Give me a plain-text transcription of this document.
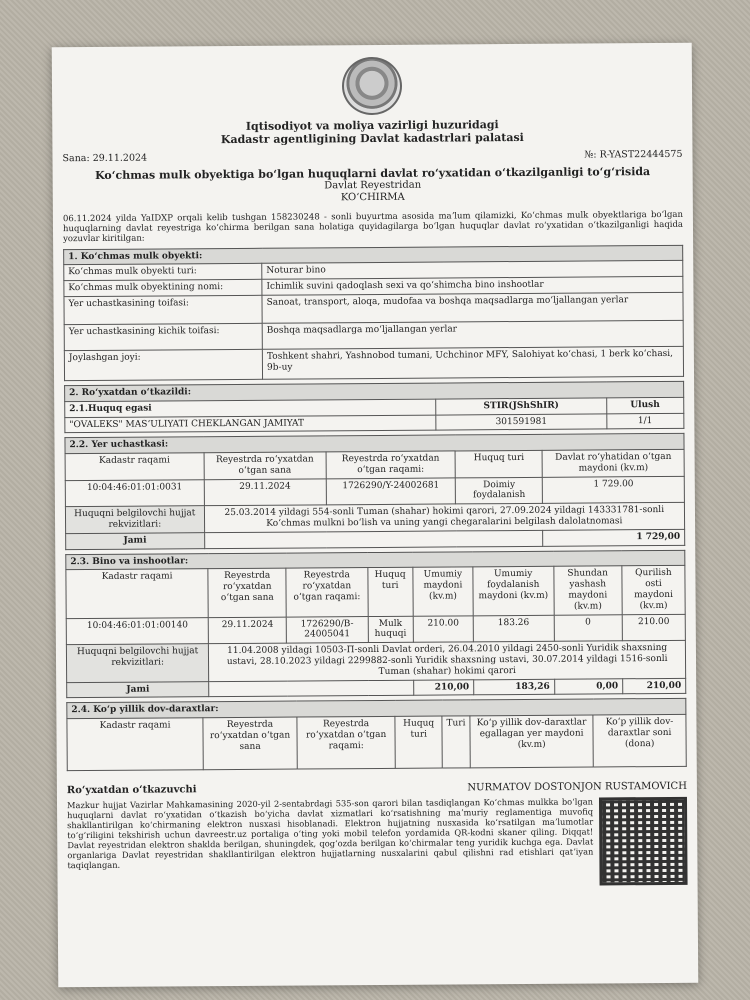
Iqtisodiyot va moliya vazirligi huzuridagi
Kadastr agentligining Davlat kadastrlari palatasi
Sana: 29.11.2024	№: R-YAST22444575
Koʻchmas mulk obyektiga boʻlgan huquqlarni davlat roʻyxatidan oʻtkazilganligi toʻgʻrisida
Davlat Reyestridan
KOʻCHIRMA
06.11.2024 yilda YaIDXP orqali kelib tushgan 158230248 - sonli buyurtma asosida maʼlum qilamizki, Koʻchmas mulk obyektlariga boʻlgan huquqlarning davlat reyestriga koʻchirma berilgan sana holatiga quyidagilarga boʻlgan huquqlar davlat roʻyxatidan oʻtkazilganligi haqida yozuvlar kiritilgan:
1. Koʻchmas mulk obyekti:	
Koʻchmas mulk obyekti turi:	Noturar bino
Koʻchmas mulk obyektining nomi:	Ichimlik suvini qadoqlash sexi va qoʻshimcha bino inshootlar
Yer uchastkasining toifasi:	Sanoat, transport, aloqa, mudofaa va boshqa maqsadlarga moʻljallangan yerlar
Yer uchastkasining kichik toifasi:	Boshqa maqsadlarga moʻljallangan yerlar
Joylashgan joyi:	Toshkent shahri, Yashnobod tumani, Uchchinor MFY, Salohiyat koʻchasi, 1 berk koʻchasi, 9b-uy
2. Roʻyxatdan oʻtkazildi:		
2.1.Huquq egasi	STIR(JShShIR)	Ulush
"OVALEKS" MASʻULIYATI CHEKLANGAN JAMIYAT	301591981	1/1
2.2. Yer uchastkasi:				
Kadastr raqami	Reyestrda roʻyxatdan oʻtgan sana	Reyestrda roʻyxatdan oʻtgan raqami:	Huquq turi	Davlat roʻyhatidan oʻtgan maydoni (kv.m)
10:04:46:01:01:0031	29.11.2024	1726290/Y-24002681	Doimiy foydalanish	1 729.00
Huquqni belgilovchi hujjat rekvizitlari:	25.03.2014 yildagi 554-sonli Tuman (shahar) hokimi qarori, 27.09.2024 yildagi 143331781-sonli Koʻchmas mulkni boʻlish va uning yangi chegaralarini belgilash dalolatnomasi			
Jami				1 729,00
2.3. Bino va inshootlar:							
Kadastr raqami	Reyestrda roʻyxatdan oʻtgan sana	Reyestrda roʻyxatdan oʻtgan raqami:	Huquq turi	Umumiy maydoni (kv.m)	Umumiy foydalanish maydoni (kv.m)	Shundan yashash maydoni (kv.m)	Qurilish osti maydoni (kv.m)
10:04:46:01:01:00140	29.11.2024	1726290/B-24005041	Mulk huquqi	210.00	183.26	0	210.00
Huquqni belgilovchi hujjat rekvizitlari:	11.04.2008 yildagi 10503-П-sonli Davlat orderi, 26.04.2010 yildagi 2450-sonli Yuridik shaxsning ustavi, 28.10.2023 yildagi 2299882-sonli Yuridik shaxsning ustavi, 30.07.2014 yildagi 1516-sonli Tuman (shahar) hokimi qarori						
Jami				210,00	183,26	0,00	210,00
2.4. Koʻp yillik dov-daraxtlar:
Kadastr raqami	Reyestrda roʻyxatdan oʻtgan sana	Reyestrda roʻyxatdan oʻtgan raqami:	Huquq turi	Turi	Koʻp yillik dov-daraxtlar egallagan yer maydoni (kv.m)	Koʻp yillik dov-daraxtlar soni (dona)
Roʻyxatdan oʻtkazuvchi	NURMATOV DOSTONJON RUSTAMOVICH
Mazkur hujjat Vazirlar Mahkamasining 2020-yil 2-sentabrdagi 535-son qarori bilan tasdiqlangan Koʻchmas mulkka boʻlgan huquqlarni davlat roʻyxatidan oʻtkazish boʻyicha davlat xizmatlari koʻrsatishning maʼmuriy reglamentiga muvofiq shakllantirilgan koʻchirmaning elektron nusxasi hisoblanadi. Elektron hujjatning nusxasida koʻrsatilgan maʼlumotlar toʻgʻriligini tekshirish uchun davreestr.uz portaliga oʻting yoki mobil telefon yordamida QR-kodni skaner qiling. Diqqat! Davlat reyestridan elektron shaklda berilgan, shuningdek, qogʻozda berilgan koʻchirmalar teng yuridik kuchga ega. Davlat organlariga Davlat reyestridan shakllantirilgan elektron hujjatlarning nusxalarini qabul qilishni rad etishlari qatʼiyan taqiqlangan.
